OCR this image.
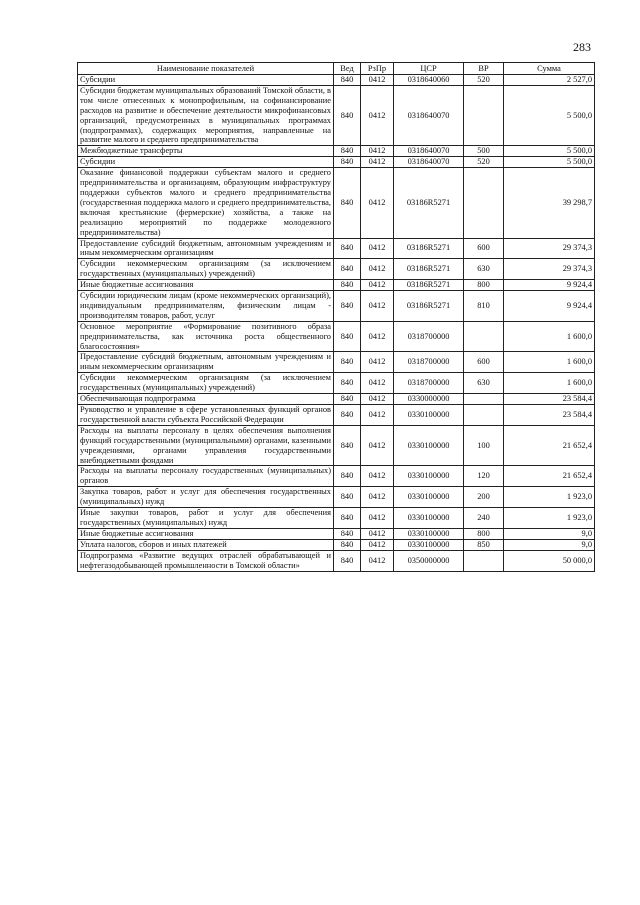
283
Наименование показателей	Вед	РзПр	ЦСР	ВР	Сумма
Субсидии	840	0412	0318640060	520	2 527,0
Субсидии бюджетам муниципальных образований Томской области, в том числе отнесенных к монопрофильным, на софинансирование расходов на развитие и обеспечение деятельности микрофинансовых организаций, предусмотренных в муниципальных программах (подпрограммах), содержащих мероприятия, направленные на развитие малого и среднего предпринимательства	840	0412	0318640070		5 500,0
Межбюджетные трансферты	840	0412	0318640070	500	5 500,0
Субсидии	840	0412	0318640070	520	5 500,0
Оказание финансовой поддержки субъектам малого и среднего предпринимательства и организациям, образующим инфраструктуру поддержки субъектов малого и среднего предпринимательства (государственная поддержка малого и среднего предпринимательства, включая крестьянские (фермерские) хозяйства, а также на реализацию мероприятий по поддержке молодежного предпринимательства)	840	0412	03186R5271		39 298,7
Предоставление субсидий бюджетным, автономным учреждениям и иным некоммерческим организациям	840	0412	03186R5271	600	29 374,3
Субсидии некоммерческим организациям (за исключением государственных (муниципальных) учреждений)	840	0412	03186R5271	630	29 374,3
Иные бюджетные ассигнования	840	0412	03186R5271	800	9 924,4
Субсидии юридическим лицам (кроме некоммерческих организаций), индивидуальным предпринимателям, физическим лицам - производителям товаров, работ, услуг	840	0412	03186R5271	810	9 924,4
Основное мероприятие «Формирование позитивного образа предпринимательства, как источника роста общественного благосостояния»	840	0412	0318700000		1 600,0
Предоставление субсидий бюджетным, автономным учреждениям и иным некоммерческим организациям	840	0412	0318700000	600	1 600,0
Субсидии некоммерческим организациям (за исключением государственных (муниципальных) учреждений)	840	0412	0318700000	630	1 600,0
Обеспечивающая подпрограмма	840	0412	0330000000		23 584,4
Руководство и управление в сфере установленных функций органов государственной власти субъекта Российской Федерации	840	0412	0330100000		23 584,4
Расходы на выплаты персоналу в целях обеспечения выполнения функций государственными (муниципальными) органами, казенными учреждениями, органами управления государственными внебюджетными фондами	840	0412	0330100000	100	21 652,4
Расходы на выплаты персоналу государственных (муниципальных) органов	840	0412	0330100000	120	21 652,4
Закупка товаров, работ и услуг для обеспечения государственных (муниципальных) нужд	840	0412	0330100000	200	1 923,0
Иные закупки товаров, работ и услуг для обеспечения государственных (муниципальных) нужд	840	0412	0330100000	240	1 923,0
Иные бюджетные ассигнования	840	0412	0330100000	800	9,0
Уплата налогов, сборов и иных платежей	840	0412	0330100000	850	9,0
Подпрограмма «Развитие ведущих отраслей обрабатывающей и нефтегазодобывающей промышленности в Томской области»	840	0412	0350000000		50 000,0
